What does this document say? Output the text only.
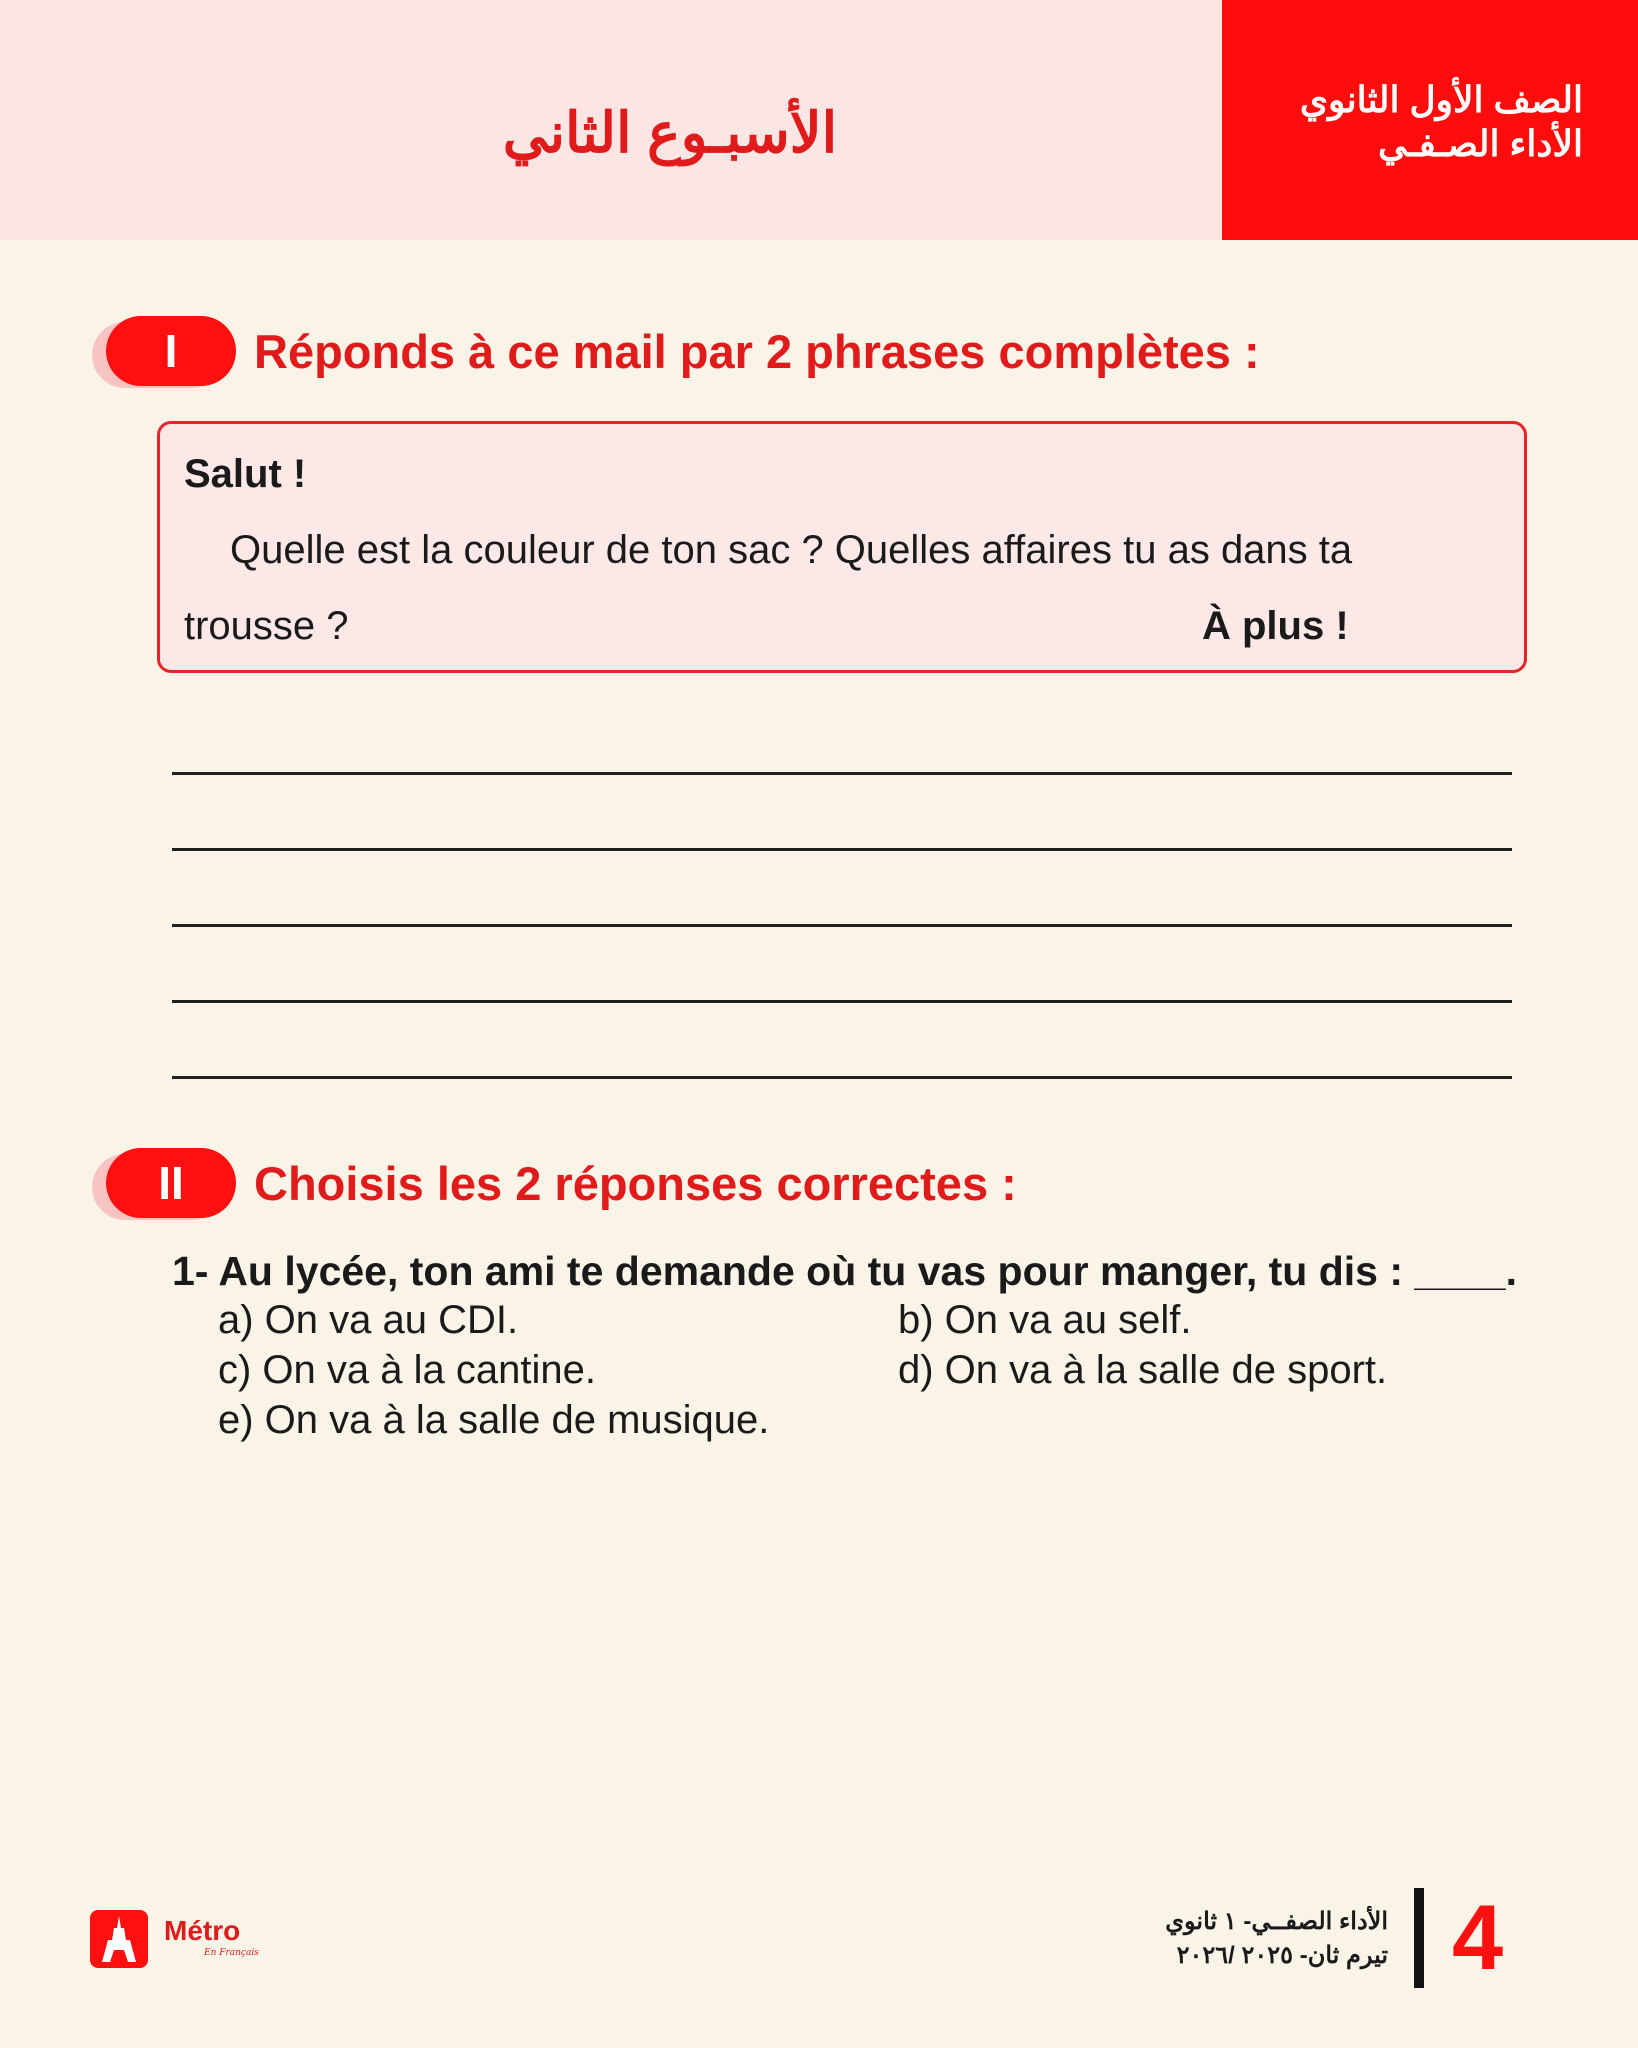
الأسبـوع الثاني
الصف الأول الثانوي
الأداء الصـفـي
I	Réponds à ce mail par 2 phrases complètes :
Salut !
Quelle est la couleur de ton sac ? Quelles affaires tu as dans ta
trousse ?	À plus !
II	Choisis les 2 réponses correctes :
1- Au lycée, ton ami te demande où tu vas pour manger, tu dis : ____.
a) On va au CDI.	b) On va au self.
c) On va à la cantine.	d) On va à la salle de sport.
e) On va à la salle de musique.
Métro
En Français
الأداء الصفــي- ١ ثانوي
تيرم ثان- ٢٠٢٥ /٢٠٢٦ 4
